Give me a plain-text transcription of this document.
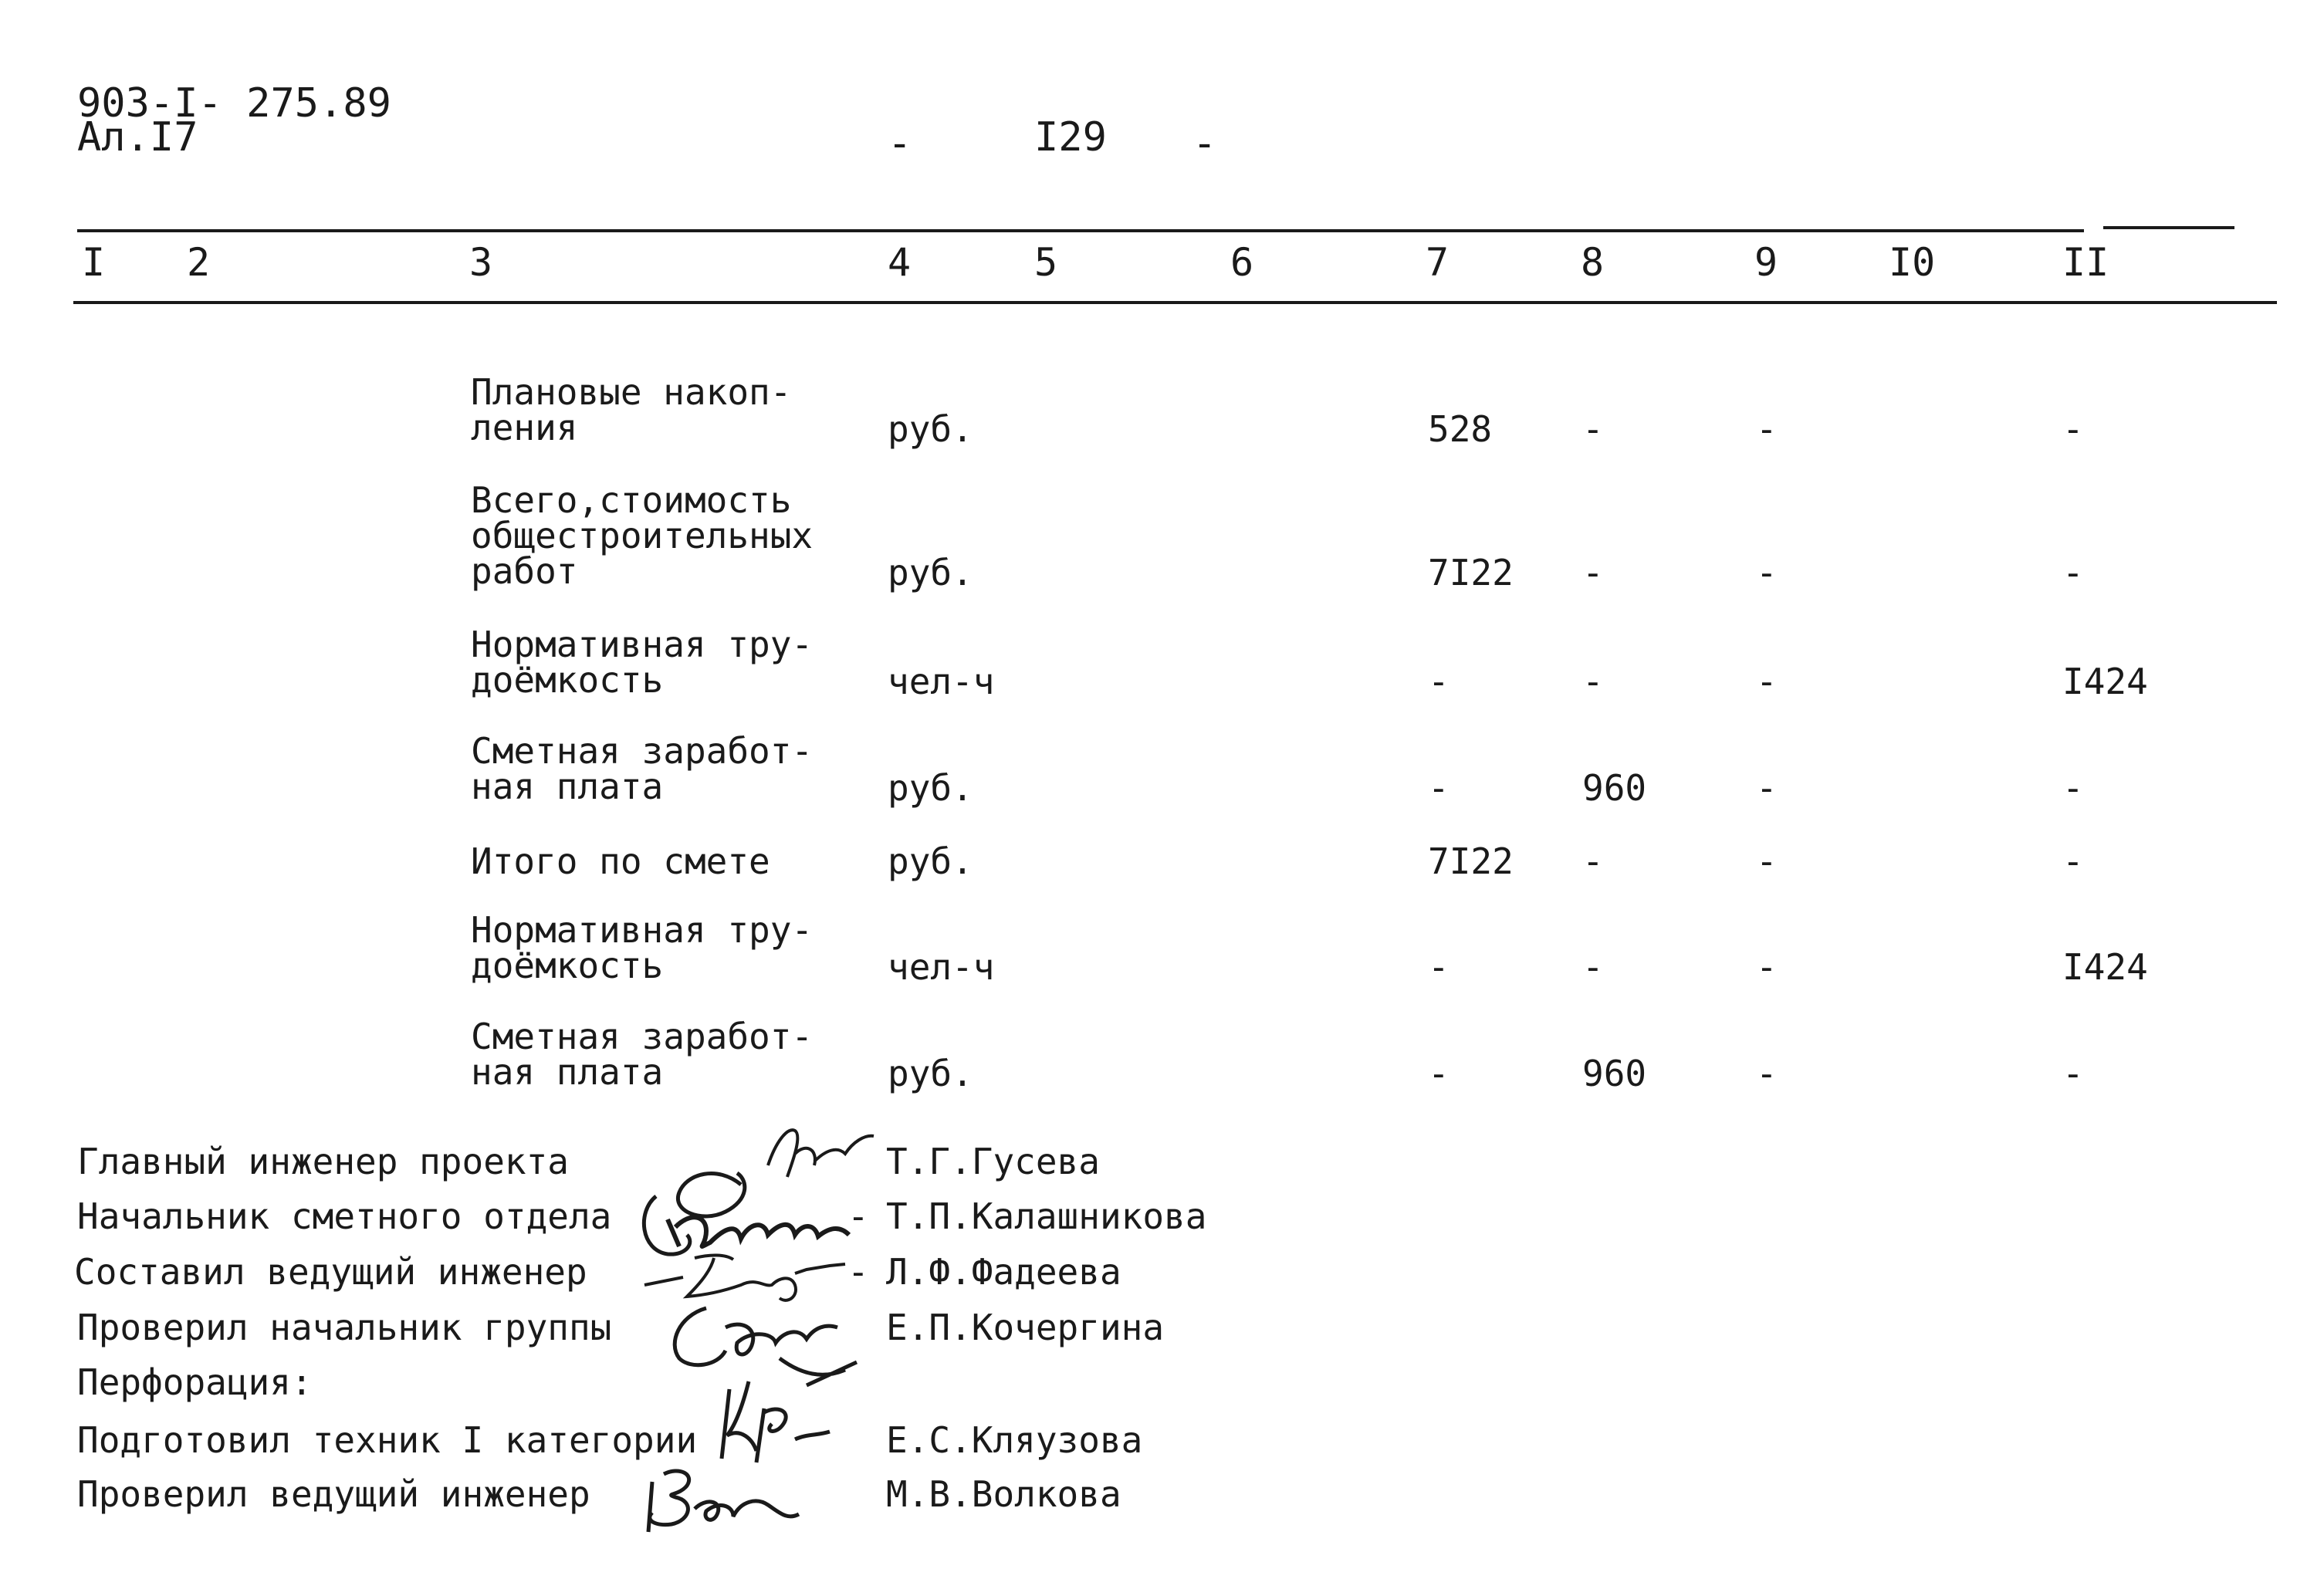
903-I- 275.89
Ал.I7	-	I29 -
I 2	3	4	5	6	7	8	9	I0	II
Плановые накоп-
ления	руб.	528	-	-	-
Всего,стоимость
общестроительных
работ	руб.	7I22 -	-	-
Нормативная тру-
доёмкость	чел-ч	-	-	-	I424
Сметная заработ-
ная плата	руб.	-	960	-	-
Итого по смете	руб.	7I22 -	-	-
Нормативная тру-
доёмкость	чел-ч	-	-	-	I424
Сметная заработ-
ная плата	руб.	-	960	-	-
Главный инженер проекта	Т.Г.Гусева
Начальник сметного отдела	- Т.П.Калашникова
Составил ведущий инженер	- Л.Ф.Фадеева
Проверил начальник группы	Е.П.Кочергина
Перфорация:
Подготовил техник I категории	Е.С.Кляузова
Проверил ведущий инженер	М.В.Волкова
